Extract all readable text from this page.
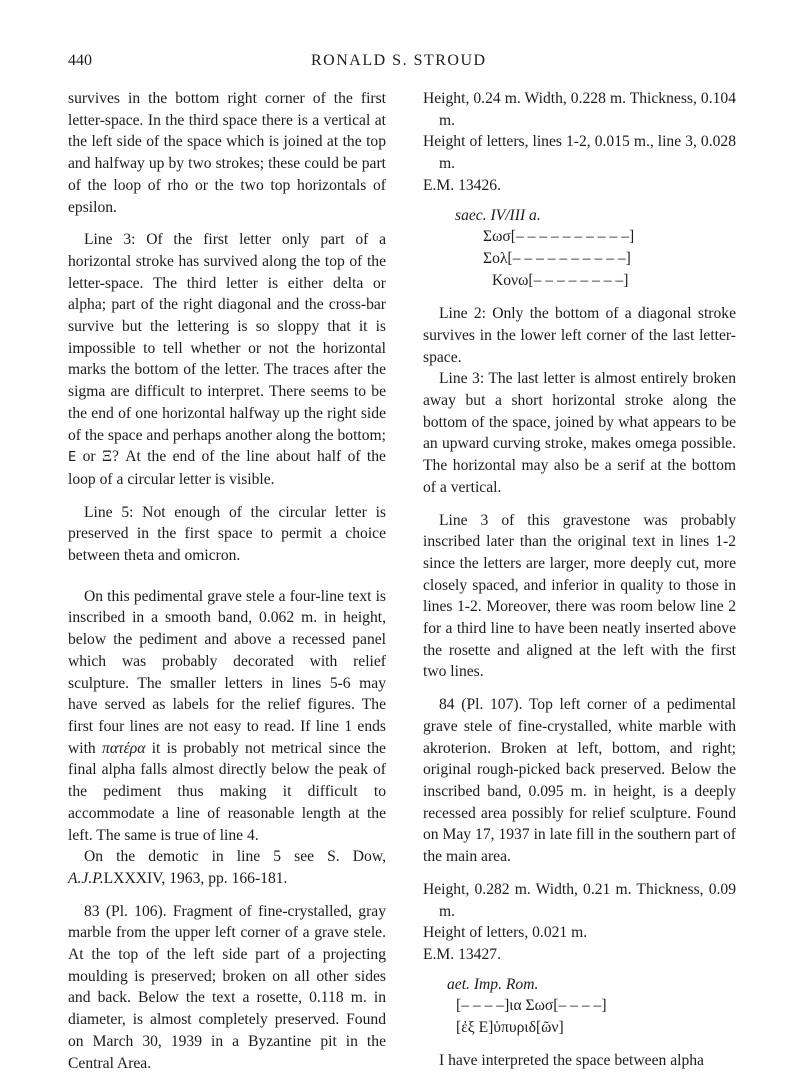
440	RONALD S. STROUD

survives in the bottom right corner of the first letter-space. In the third space there is a vertical at the left side of the space which is joined at the top and halfway up by two strokes; these could be part of the loop of rho or the two top horizontals of epsilon.

Line 3: Of the first letter only part of a horizontal stroke has survived along the top of the letter-space. The third letter is either delta or alpha; part of the right diagonal and the cross-bar survive but the lettering is so sloppy that it is impossible to tell whether or not the horizontal marks the bottom of the letter. The traces after the sigma are difficult to interpret. There seems to be the end of one horizontal halfway up the right side of the space and perhaps another along the bottom; E or Ξ? At the end of the line about half of the loop of a circular letter is visible.

Line 5: Not enough of the circular letter is preserved in the first space to permit a choice between theta and omicron.

On this pedimental grave stele a four-line text is inscribed in a smooth band, 0.062 m. in height, below the pediment and above a recessed panel which was probably decorated with relief sculpture. The smaller letters in lines 5-6 may have served as labels for the relief figures. The first four lines are not easy to read. If line 1 ends with πατέρα it is probably not metrical since the final alpha falls almost directly below the peak of the pediment thus making it difficult to accommodate a line of reasonable length at the left. The same is true of line 4.

On the demotic in line 5 see S. Dow, A.J.P.LXXXIV, 1963, pp. 166-181.

83 (Pl. 106). Fragment of fine-crystalled, gray marble from the upper left corner of a grave stele. At the top of the left side part of a projecting moulding is preserved; broken on all other sides and back. Below the text a rosette, 0.118 m. in diameter, is almost completely preserved. Found on March 30, 1939 in a Byzantine pit in the Central Area.

Height, 0.24 m. Width, 0.228 m. Thickness, 0.104 m.

Height of letters, lines 1-2, 0.015 m., line 3, 0.028 m.

E.M. 13426.

saec. IV/III a.

Σωσ[– – – – – – – – – –]

Σολ[– – – – – – – – – –]

Κονω[– – – – – – – –]

Line 2: Only the bottom of a diagonal stroke survives in the lower left corner of the last letter-space.

Line 3: The last letter is almost entirely broken away but a short horizontal stroke along the bottom of the space, joined by what appears to be an upward curving stroke, makes omega possible. The horizontal may also be a serif at the bottom of a vertical.

Line 3 of this gravestone was probably inscribed later than the original text in lines 1-2 since the letters are larger, more deeply cut, more closely spaced, and inferior in quality to those in lines 1-2. Moreover, there was room below line 2 for a third line to have been neatly inserted above the rosette and aligned at the left with the first two lines.

84 (Pl. 107). Top left corner of a pedimental grave stele of fine-crystalled, white marble with akroterion. Broken at left, bottom, and right; original rough-picked back preserved. Below the inscribed band, 0.095 m. in height, is a deeply recessed area possibly for relief sculpture. Found on May 17, 1937 in late fill in the southern part of the main area.

Height, 0.282 m. Width, 0.21 m. Thickness, 0.09 m.

Height of letters, 0.021 m.

E.M. 13427.

aet. Imp. Rom.

[– – – –]ια Σωσ[– – – –]

[ἐξ Ε]ὑπυριδ[ῶν]

I have interpreted the space between alpha
